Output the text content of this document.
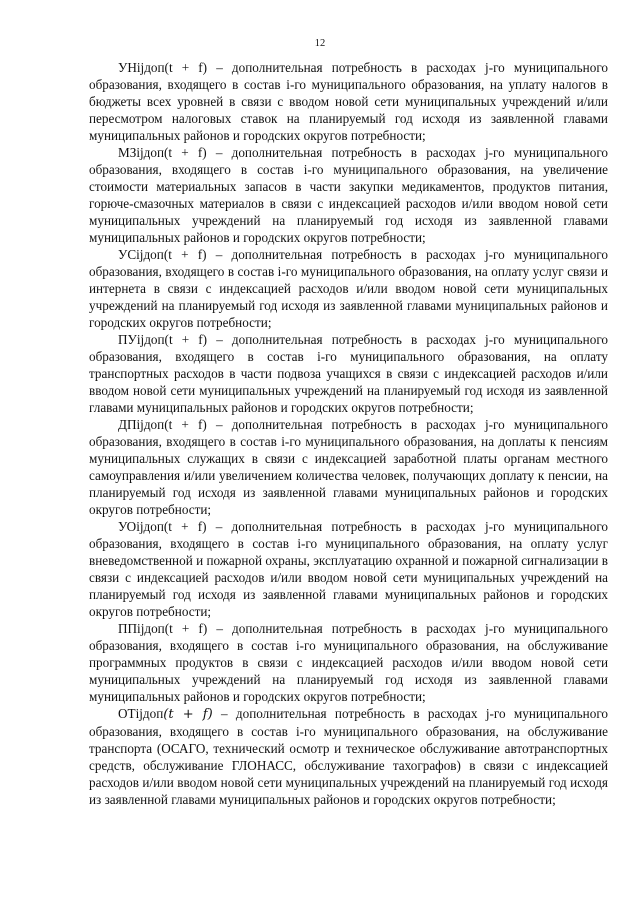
12

УНijдоп(t + f) – дополнительная потребность в расходах j-го муниципального образования, входящего в состав i-го муниципального образования, на уплату налогов в бюджеты всех уровней в связи с вводом новой сети муниципальных учреждений и/или пересмотром налоговых ставок на планируемый год исходя из заявленной главами муниципальных районов и городских округов потребности;

МЗijдоп(t + f) – дополнительная потребность в расходах j-го муниципального образования, входящего в состав i-го муниципального образования, на увеличение стоимости материальных запасов в части закупки медикаментов, продуктов питания, горюче-смазочных материалов в связи с индексацией расходов и/или вводом новой сети муниципальных учреждений на планируемый год исходя из заявленной главами муниципальных районов и городских округов потребности;

УСijдоп(t + f) – дополнительная потребность в расходах j-го муниципального образования, входящего в состав i-го муниципального образования, на оплату услуг связи и интернета в связи с индексацией расходов и/или вводом новой сети муниципальных учреждений на планируемый год исходя из заявленной главами муниципальных районов и городских округов потребности;

ПУijдоп(t + f) – дополнительная потребность в расходах j-го муниципального образования, входящего в состав i-го муниципального образования, на оплату транспортных расходов в части подвоза учащихся в связи с индексацией расходов и/или вводом новой сети муниципальных учреждений на планируемый год исходя из заявленной главами муниципальных районов и городских округов потребности;

ДПijдоп(t + f) – дополнительная потребность в расходах j-го муниципального образования, входящего в состав i-го муниципального образования, на доплаты к пенсиям муниципальных служащих в связи с индексацией заработной платы органам местного самоуправления и/или увеличением количества человек, получающих доплату к пенсии, на планируемый год исходя из заявленной главами муниципальных районов и городских округов потребности;

УОijдоп(t + f) – дополнительная потребность в расходах j-го муниципального образования, входящего в состав i-го муниципального образования, на оплату услуг вневедомственной и пожарной охраны, эксплуатацию охранной и пожарной сигнализации в связи с индексацией расходов и/или вводом новой сети муниципальных учреждений на планируемый год исходя из заявленной главами муниципальных районов и городских округов потребности;

ППijдоп(t + f) – дополнительная потребность в расходах j-го муниципального образования, входящего в состав i-го муниципального образования, на обслуживание программных продуктов в связи с индексацией расходов и/или вводом новой сети муниципальных учреждений на планируемый год исходя из заявленной главами муниципальных районов и городских округов потребности;

ОТijдоп(t + f) – дополнительная потребность в расходах j-го муниципального образования, входящего в состав i-го муниципального образования, на обслуживание транспорта (ОСАГО, технический осмотр и техническое обслуживание автотранспортных средств, обслуживание ГЛОНАСС, обслуживание тахографов) в связи с индексацией расходов и/или вводом новой сети муниципальных учреждений на планируемый год исходя из заявленной главами муниципальных районов и городских округов потребности;
